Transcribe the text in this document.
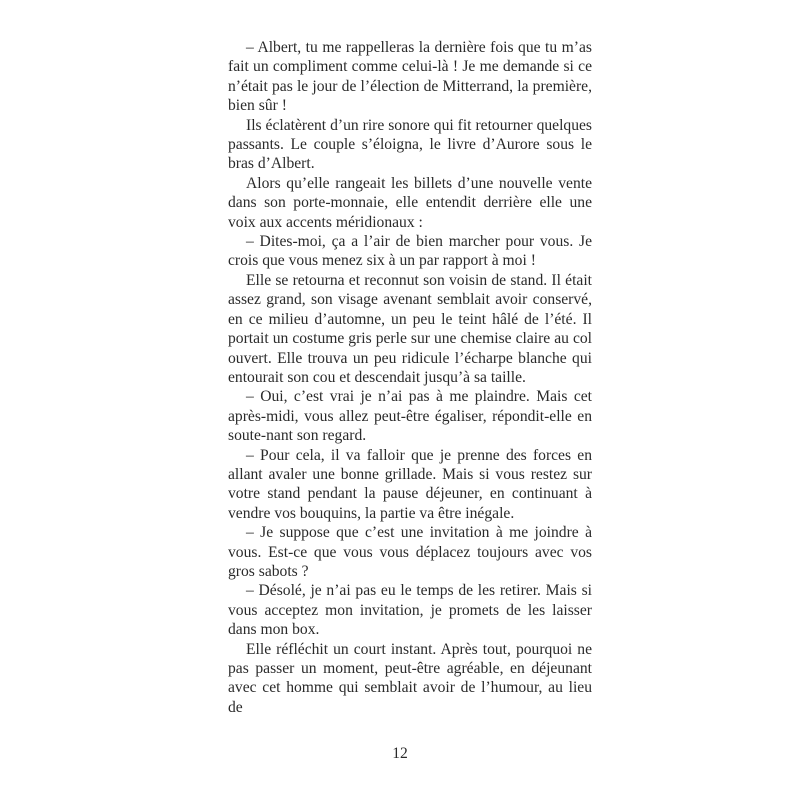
– Albert, tu me rappelleras la dernière fois que tu m’as fait un compliment comme celui-là ! Je me demande si ce n’était pas le jour de l’élection de Mitterrand, la première, bien sûr !

Ils éclatèrent d’un rire sonore qui fit retourner quelques passants. Le couple s’éloigna, le livre d’Aurore sous le bras d’Albert.

Alors qu’elle rangeait les billets d’une nouvelle vente dans son porte-monnaie, elle entendit derrière elle une voix aux accents méridionaux :

– Dites-moi, ça a l’air de bien marcher pour vous. Je crois que vous menez six à un par rapport à moi !

Elle se retourna et reconnut son voisin de stand. Il était assez grand, son visage avenant semblait avoir conservé, en ce milieu d’automne, un peu le teint hâlé de l’été. Il portait un costume gris perle sur une chemise claire au col ouvert. Elle trouva un peu ridicule l’écharpe blanche qui entourait son cou et descendait jusqu’à sa taille.

– Oui, c’est vrai je n’ai pas à me plaindre. Mais cet après-midi, vous allez peut-être égaliser, répondit-elle en soute-nant son regard.

– Pour cela, il va falloir que je prenne des forces en allant avaler une bonne grillade. Mais si vous restez sur votre stand pendant la pause déjeuner, en continuant à vendre vos bouquins, la partie va être inégale.

– Je suppose que c’est une invitation à me joindre à vous. Est-ce que vous vous déplacez toujours avec vos gros sabots ?

– Désolé, je n’ai pas eu le temps de les retirer. Mais si vous acceptez mon invitation, je promets de les laisser dans mon box.

Elle réfléchit un court instant. Après tout, pourquoi ne pas passer un moment, peut-être agréable, en déjeunant avec cet homme qui semblait avoir de l’humour, au lieu de

12
